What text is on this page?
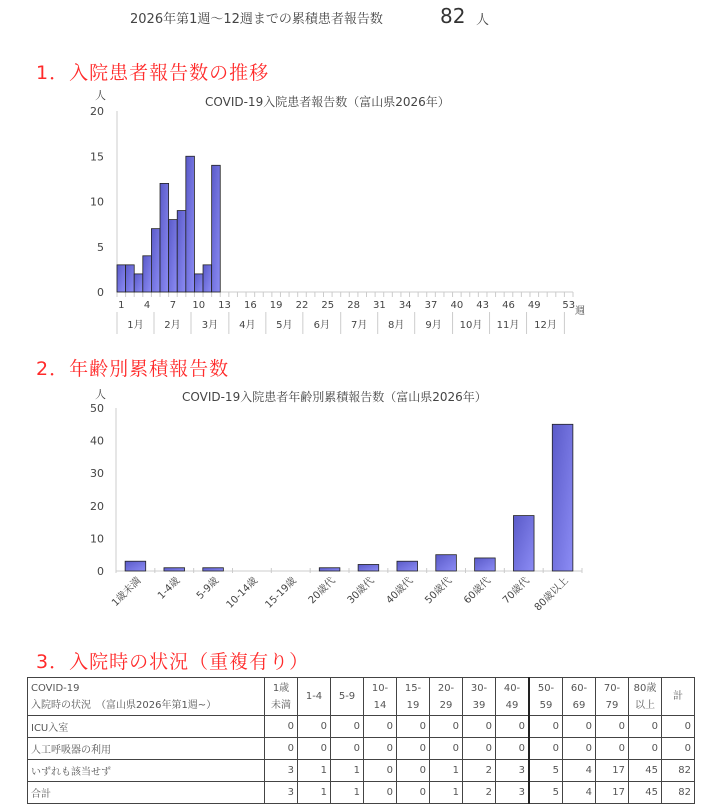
2026年第1週～12週までの累積患者報告数	82 人
1．入院患者報告数の推移
COVID-19入院患者報告数（富山県2026年）
人
0
5
10
15
20
1 4 7 10 13 16 19 22 25 28 31 34 37 40 43 46 49 53
週
1月 2月 3月 4月 5月 6月 7月 8月 9月 10月 11月 12月
2．年齢別累積報告数
COVID-19入院患者年齢別累積報告数（富山県2026年）
人
0
10
20
30
40
50
1歳未満 1-4歳 5-9歳 10-14歳 15-19歳 20歳代 30歳代 40歳代 50歳代 60歳代 70歳代 80歳以上
3．入院時の状況（重複有り）
COVID-19
入院時の状況　（富山県2026年第1週~）
	1歳
未満	1-4	5-9	10-14	15-19	20-29	30-39	40-49	50-59	60-69	70-79	80歳
以上	計
ICU入室	0	0	0	0	0	0	0	0	0	0	0	0	0
人工呼吸器の利用	0	0	0	0	0	0	0	0	0	0	0	0	0
いずれも該当せず	3	1	1	0	0	1	2	3	5	4	17	45	82
合計	3	1	1	0	0	1	2	3	5	4	17	45	82
